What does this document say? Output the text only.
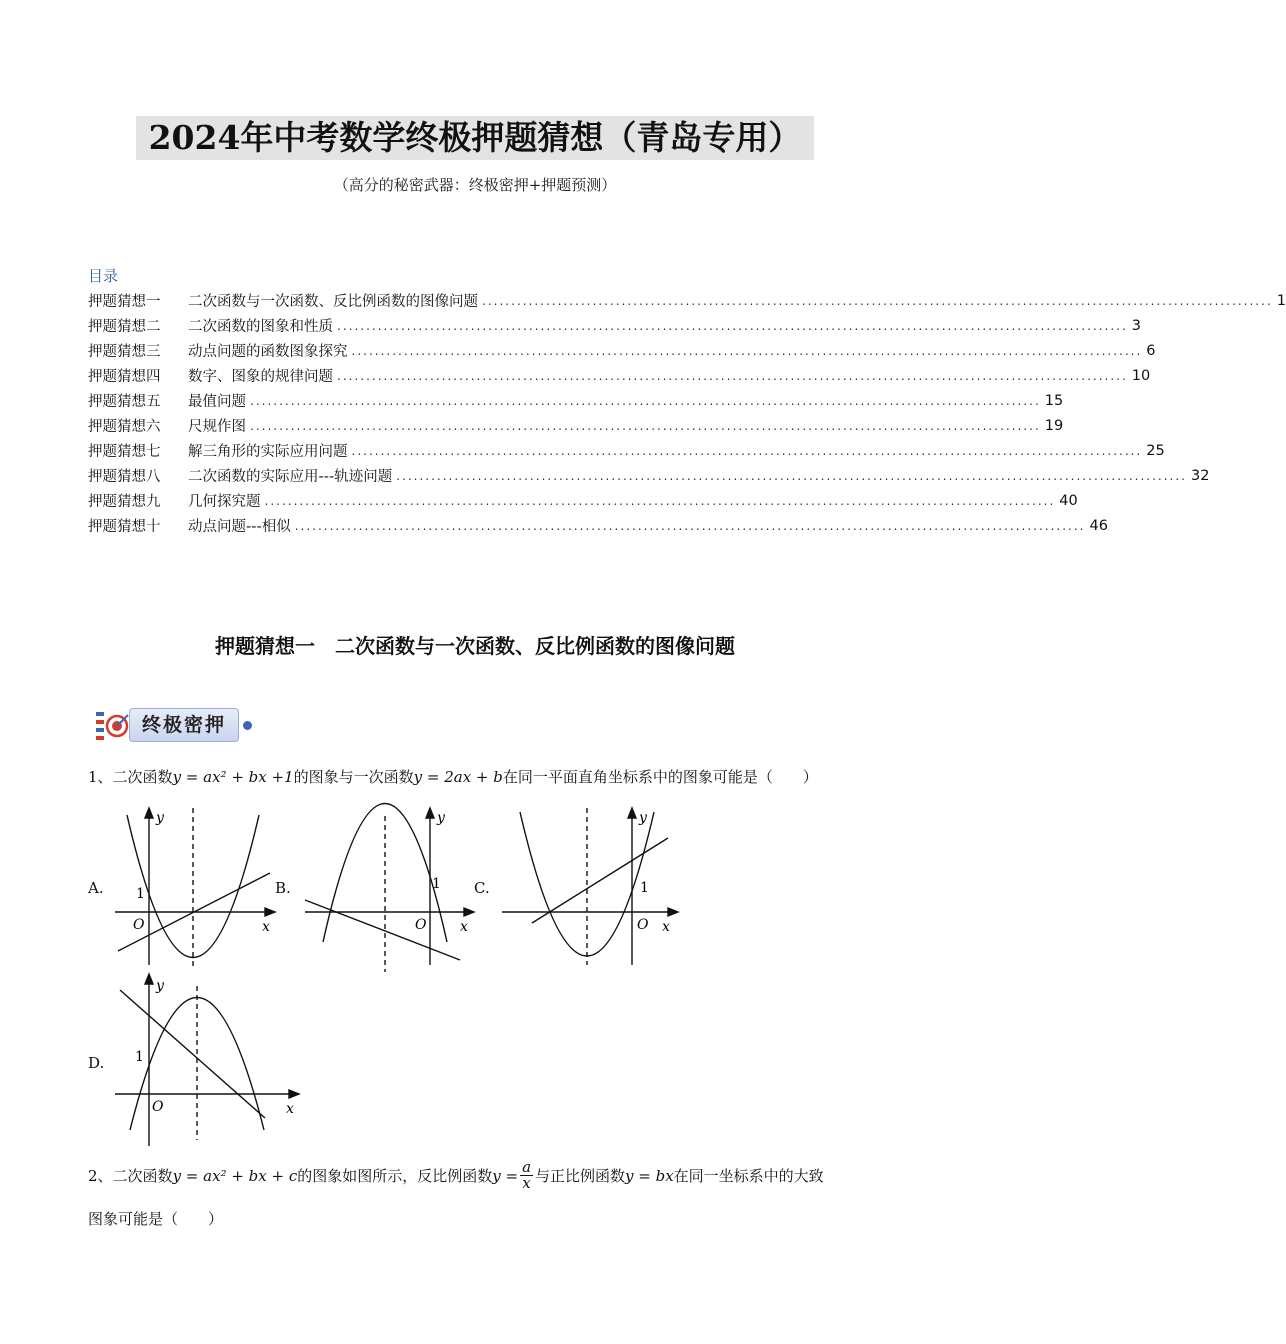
2024年中考数学终极押题猜想（青岛专用）
（高分的秘密武器：终极密押+押题预测）
目录
押题猜想一	二次函数与一次函数、反比例函数的图像问题 ........................................................................................................................................ 1
押题猜想二	二次函数的图象和性质 ........................................................................................................................................ 3
押题猜想三	动点问题的函数图象探究 ........................................................................................................................................ 6
押题猜想四	数字、图象的规律问题 ........................................................................................................................................ 10
押题猜想五	最值问题 ........................................................................................................................................ 15
押题猜想六	尺规作图 ........................................................................................................................................ 19
押题猜想七	解三角形的实际应用问题 ........................................................................................................................................ 25
押题猜想八	二次函数的实际应用---轨迹问题 ........................................................................................................................................ 32
押题猜想九	几何探究题 ........................................................................................................................................ 40
押题猜想十	动点问题---相似 ........................................................................................................................................ 46
押题猜想一　二次函数与一次函数、反比例函数的图像问题
终极密押
1、二次函数y = ax² + bx +1的图象与一次函数y = 2ax + b在同一平面直角坐标系中的图象可能是（　　）
A.	B.	C.
D.
y
x
O
1
y
x
O
1
y
x
O
1
y
x
O
1
2、 二次函数 y = ax² + bx + c 的图象如图所示，反比例函数 $y = \frac{a}{x}$ 与正比例函数 y = bx 在同一坐标系中的大致
图象可能是（　　）
